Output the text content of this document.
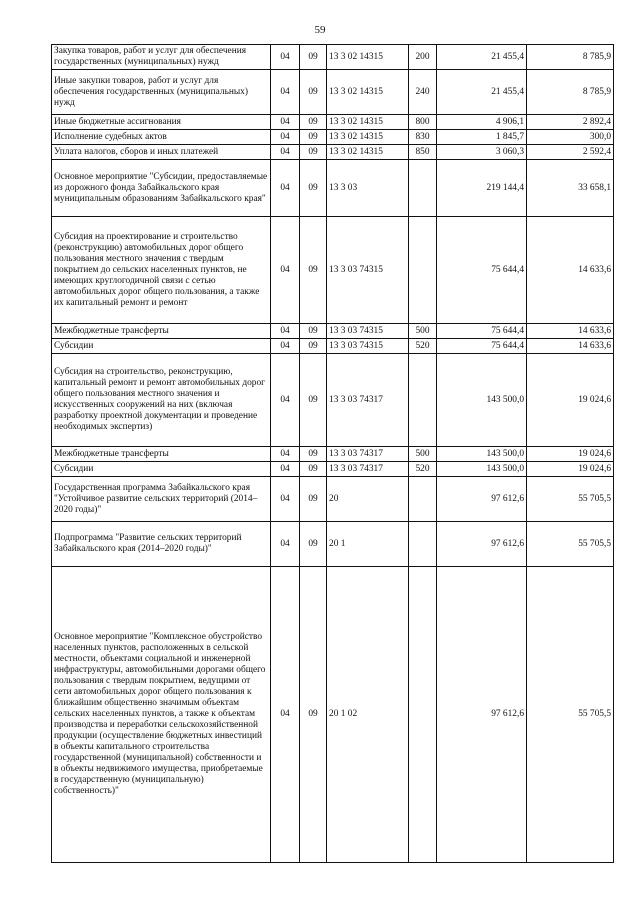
59
Закупка товаров, работ и услуг для обеспечения государственных (муниципальных) нужд	04	09	13 3 02 14315	200	21 455,4	8 785,9
Иные закупки товаров, работ и услуг для обеспечения государственных (муниципальных) нужд	04	09	13 3 02 14315	240	21 455,4	8 785,9
Иные бюджетные ассигнования	04	09	13 3 02 14315	800	4 906,1	2 892,4
Исполнение судебных актов	04	09	13 3 02 14315	830	1 845,7	300,0
Уплата налогов, сборов и иных платежей	04	09	13 3 02 14315	850	3 060,3	2 592,4
Основное мероприятие "Субсидии, предоставляемые из дорожного фонда Забайкальского края муниципальным образованиям Забайкальского края"	04	09	13 3 03		219 144,4	33 658,1
Субсидия на проектирование и строительство (реконструкцию) автомобильных дорог общего пользования местного значения с твердым покрытием до сельских населенных пунктов, не имеющих круглогодичной связи с сетью автомобильных дорог общего пользования, а также их капитальный ремонт и ремонт	04	09	13 3 03 74315		75 644,4	14 633,6
Межбюджетные трансферты	04	09	13 3 03 74315	500	75 644,4	14 633,6
Субсидии	04	09	13 3 03 74315	520	75 644,4	14 633,6
Субсидия на строительство, реконструкцию, капитальный ремонт и ремонт автомобильных дорог общего пользования местного значения и искусственных сооружений на них (включая разработку проектной документации и проведение необходимых экспертиз)	04	09	13 3 03 74317		143 500,0	19 024,6
Межбюджетные трансферты	04	09	13 3 03 74317	500	143 500,0	19 024,6
Субсидии	04	09	13 3 03 74317	520	143 500,0	19 024,6
Государственная программа Забайкальского края "Устойчивое развитие сельских территорий (2014–2020 годы)"	04	09	20		97 612,6	55 705,5
Подпрограмма "Развитие сельских территорий Забайкальского края (2014–2020 годы)"	04	09	20 1		97 612,6	55 705,5
Основное мероприятие "Комплексное обустройство населенных пунктов, расположенных в сельской местности, объектами социальной и инженерной инфраструктуры, автомобильными дорогами общего пользования с твердым покрытием, ведущими от сети автомобильных дорог общего пользования к ближайшим общественно значимым объектам сельских населенных пунктов, а также к объектам производства и переработки сельскохозяйственной продукции (осуществление бюджетных инвестиций в объекты капитального строительства государственной (муниципальной) собственности и в объекты недвижимого имущества, приобретаемые в государственную (муниципальную) собственность)"	04	09	20 1 02		97 612,6	55 705,5
